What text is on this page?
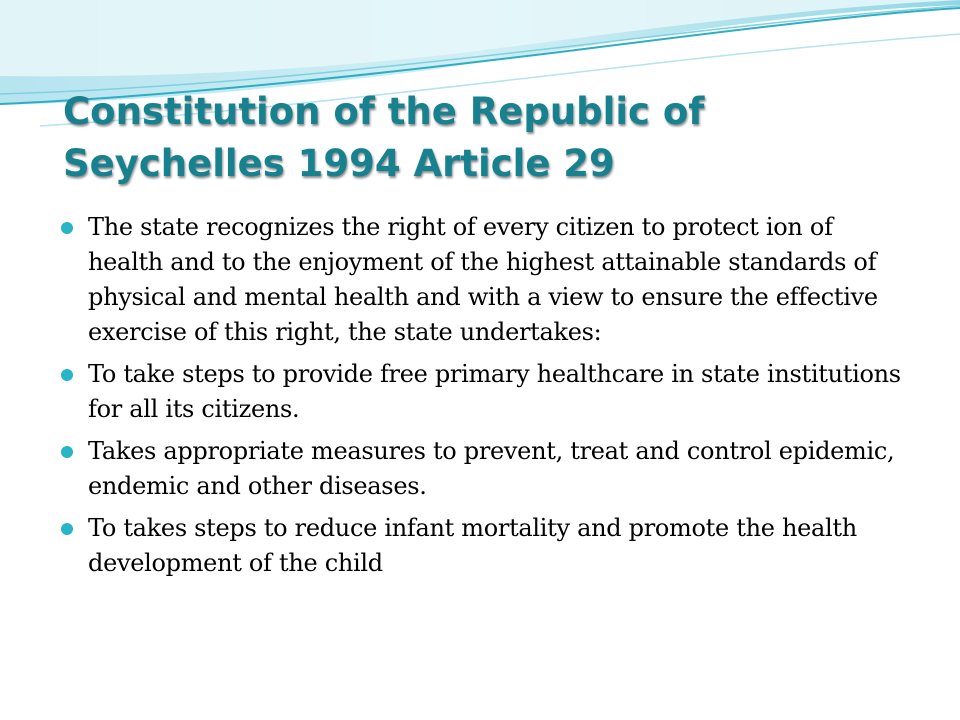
Constitution of the Republic of Seychelles 1994 Article 29
The state recognizes the right of every citizen to protect ion of health and to the enjoyment of the highest attainable standards of physical and mental health and with a view to ensure the effective exercise of this right, the state undertakes:
To take steps to provide free primary healthcare in state institutions for all its citizens.
Takes appropriate measures to prevent, treat and control epidemic, endemic and other diseases.
To takes steps to reduce infant mortality and promote the health development of the child
